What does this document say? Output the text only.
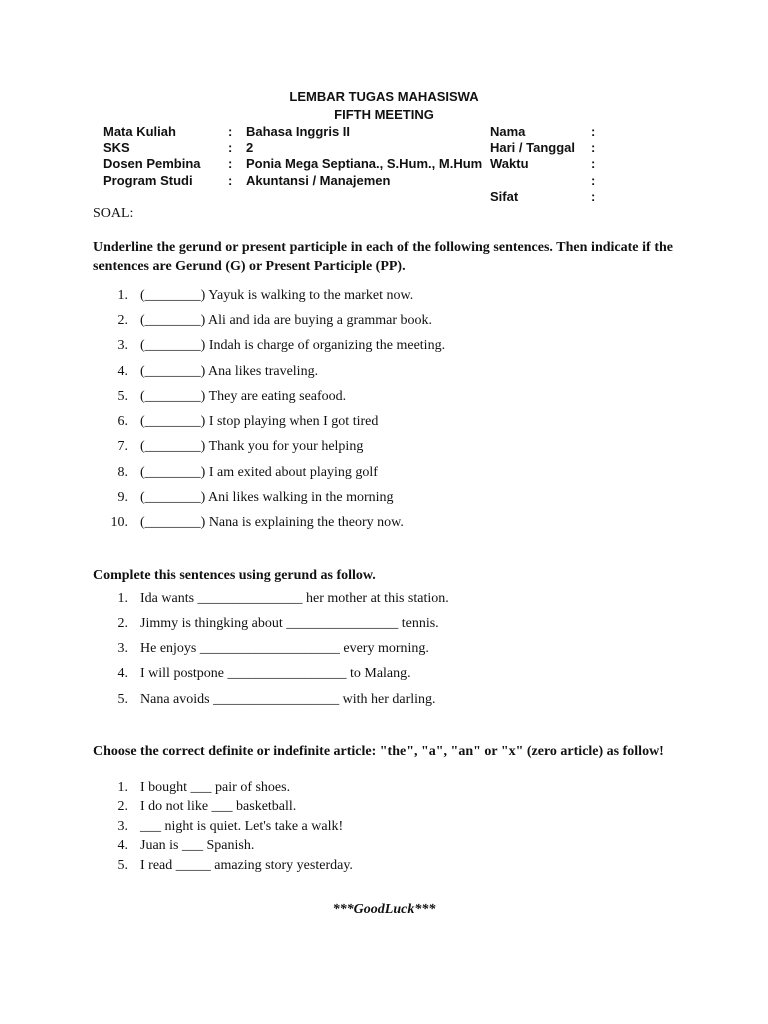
LEMBAR TUGAS MAHASISWA
FIFTH MEETING
Mata Kuliah	: Bahasa Inggris II
SKS	: 2
Dosen Pembina : Ponia Mega Septiana., S.Hum., M.Hum
Program Studi	: Akuntansi / Manajemen
Nama	:
Hari / Tanggal :
Waktu	:
:
Sifat	:
SOAL:
Underline the gerund or present participle in each of the following sentences. Then indicate if the sentences are Gerund (G) or Present Participle (PP).
1. (________) Yayuk is walking to the market now.
2. (________) Ali and ida are buying a grammar book.
3. (________) Indah is charge of organizing the meeting.
4. (________) Ana likes traveling.
5. (________) They are eating seafood.
6. (________) I stop playing when I got tired
7. (________) Thank you for your helping
8. (________) I am exited about playing golf
9. (________) Ani likes walking in the morning
10. (________) Nana is explaining the theory now.
Complete this sentences using gerund as follow.
1. Ida wants _______________ her mother at this station.
2. Jimmy is thingking about ________________ tennis.
3. He enjoys ____________________ every morning.
4. I will postpone _________________ to Malang.
5. Nana avoids __________________ with her darling.
Choose the correct definite or indefinite article: "the", "a", "an" or "x" (zero article) as follow!
1. I bought ___ pair of shoes.
2. I do not like ___ basketball.
3. ___ night is quiet. Let's take a walk!
4. Juan is ___ Spanish.
5. I read _____ amazing story yesterday.
***GoodLuck***
